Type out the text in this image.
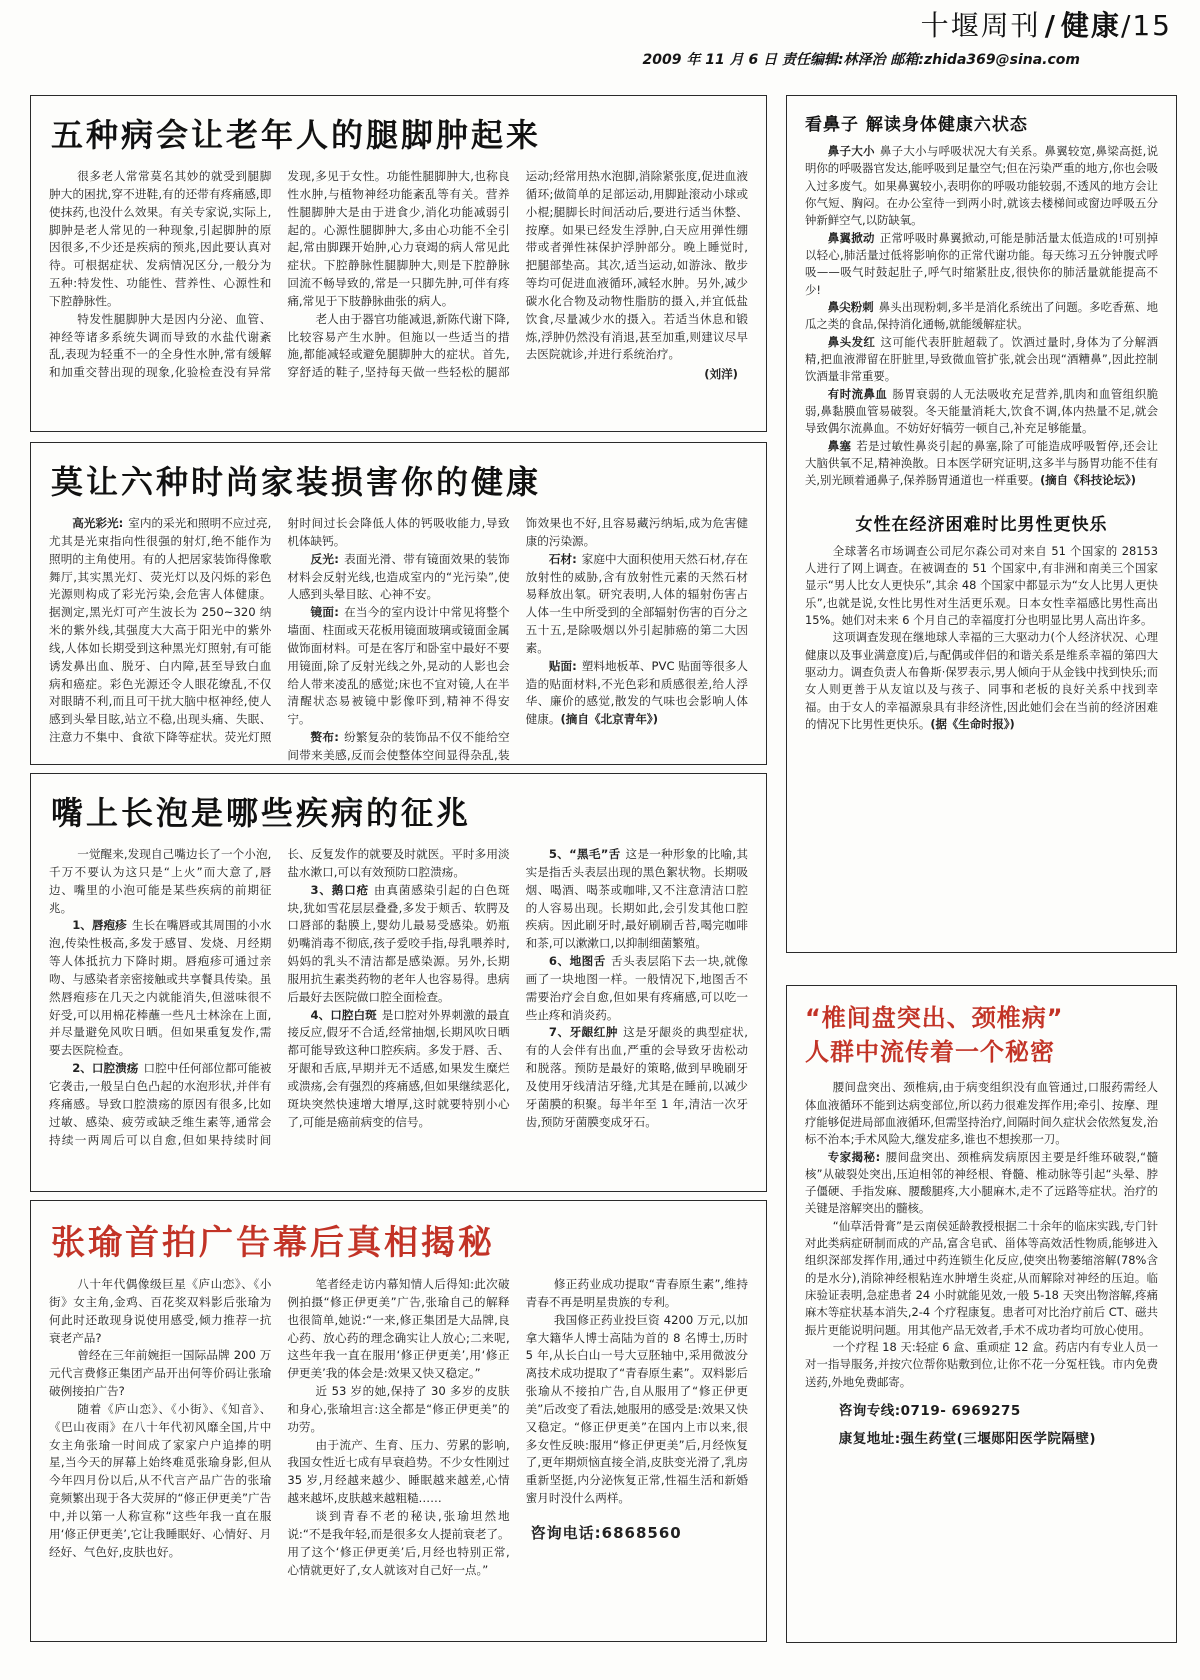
十堰周刊 / 健康/15
2009 年 11 月 6 日 责任编辑:林泽治 邮箱:zhida369@sina.com
五种病会让老年人的腿脚肿起来

很多老人常常莫名其妙的就受到腿脚肿大的困扰,穿不进鞋,有的还带有疼痛感,即使抹药,也没什么效果。有关专家说,实际上,脚肿是老人常见的一种现象,引起脚肿的原因很多,不少还是疾病的预兆,因此要认真对待。可根据症状、发病情况区分,一般分为五种:特发性、功能性、营养性、心源性和下腔静脉性。

特发性腿脚肿大是因内分泌、血管、神经等诸多系统失调而导致的水盐代谢紊乱,表现为轻重不一的全身性水肿,常有缓解和加重交替出现的现象,化验检查没有异常发现,多见于女性。功能性腿脚肿大,也称良性水肿,与植物神经功能紊乱等有关。营养性腿脚肿大是由于进食少,消化功能减弱引起的。心源性腿脚肿大,多由心功能不全引起,常由脚踝开始肿,心力衰竭的病人常见此症状。下腔静脉性腿脚肿大,则是下腔静脉回流不畅导致的,常是一只脚先肿,可伴有疼痛,常见于下肢静脉曲张的病人。

老人由于器官功能减退,新陈代谢下降,比较容易产生水肿。但施以一些适当的措施,都能减轻或避免腿脚肿大的症状。首先,穿舒适的鞋子,坚持每天做一些轻松的腿部运动;经常用热水泡脚,消除紧张度,促进血液循环;做简单的足部运动,用脚趾滚动小球或小棍;腿脚长时间活动后,要进行适当休整、按摩。如果已经发生浮肿,白天应用弹性绷带或者弹性袜保护浮肿部分。晚上睡觉时,把腿部垫高。其次,适当运动,如游泳、散步等均可促进血液循环,减轻水肿。另外,减少碳水化合物及动物性脂肪的摄入,并宜低盐饮食,尽量减少水的摄入。若适当休息和锻炼,浮肿仍然没有消退,甚至加重,则建议尽早去医院就诊,并进行系统治疗。

(刘洋)

莫让六种时尚家装损害你的健康

高光彩光: 室内的采光和照明不应过亮,尤其是光束指向性很强的射灯,绝不能作为照明的主角使用。有的人把居家装饰得像歌舞厅,其实黑光灯、荧光灯以及闪烁的彩色光源则构成了彩光污染,会危害人体健康。据测定,黑光灯可产生波长为 250~320 纳米的紫外线,其强度大大高于阳光中的紫外线,人体如长期受到这种黑光灯照射,有可能诱发鼻出血、脱牙、白内障,甚至导致白血病和癌症。彩色光源还令人眼花缭乱,不仅对眼睛不利,而且可干扰大脑中枢神经,使人感到头晕目眩,站立不稳,出现头痛、失眠、注意力不集中、食欲下降等症状。荧光灯照射时间过长会降低人体的钙吸收能力,导致机体缺钙。

反光: 表面光滑、带有镜面效果的装饰材料会反射光线,也造成室内的“光污染”,使人感到头晕目眩、心神不安。

镜面: 在当今的室内设计中常见将整个墙面、柱面或天花板用镜面玻璃或镜面金属做饰面材料。可是在客厅和卧室中最好不要用镜面,除了反射光线之外,晃动的人影也会给人带来凌乱的感觉;床也不宜对镜,人在半清醒状态易被镜中影像吓到,精神不得安宁。

赘布: 纷繁复杂的装饰品不仅不能给空间带来美感,反而会使整体空间显得杂乱,装饰效果也不好,且容易藏污纳垢,成为危害健康的污染源。

石材: 家庭中大面积使用天然石材,存在放射性的威胁,含有放射性元素的天然石材易释放出氡。研究表明,人体的辐射伤害占人体一生中所受到的全部辐射伤害的百分之五十五,是除吸烟以外引起肺癌的第二大因素。

贴面: 塑料地板革、PVC 贴面等很多人造的贴面材料,不光色彩和质感很差,给人浮华、廉价的感觉,散发的气味也会影响人体健康。(摘自《北京青年》)

嘴上长泡是哪些疾病的征兆

一觉醒来,发现自己嘴边长了一个小泡,千万不要认为这只是“上火”而大意了,唇边、嘴里的小泡可能是某些疾病的前期征兆。

1、唇疱疹 生长在嘴唇或其周围的小水泡,传染性极高,多发于感冒、发烧、月经期等人体抵抗力下降时期。唇疱疹可通过亲吻、与感染者亲密接触或共享餐具传染。虽然唇疱疹在几天之内就能消失,但滋味很不好受,可以用棉花棒蘸一些凡士林涂在上面,并尽量避免风吹日晒。但如果重复发作,需要去医院检查。

2、口腔溃疡 口腔中任何部位都可能被它袭击,一般呈白色凸起的水泡形状,并伴有疼痛感。导致口腔溃疡的原因有很多,比如过敏、感染、疲劳或缺乏维生素等,通常会持续一两周后可以自愈,但如果持续时间长、反复发作的就要及时就医。平时多用淡盐水漱口,可以有效预防口腔溃疡。

3、鹅口疮 由真菌感染引起的白色斑块,犹如雪花层层叠叠,多发于颊舌、软腭及口唇部的黏膜上,婴幼儿最易受感染。奶瓶奶嘴消毒不彻底,孩子爱咬手指,母乳喂养时,妈妈的乳头不清洁都是感染源。另外,长期服用抗生素类药物的老年人也容易得。患病后最好去医院做口腔全面检查。

4、口腔白斑 是口腔对外界刺激的最直接反应,假牙不合适,经常抽烟,长期风吹日晒都可能导致这种口腔疾病。多发于唇、舌、牙龈和舌底,早期并无不适感,如果发生糜烂或溃疡,会有强烈的疼痛感,但如果继续恶化,斑块突然快速增大增厚,这时就要特别小心了,可能是癌前病变的信号。

5、“黑毛”舌 这是一种形象的比喻,其实是指舌头表层出现的黑色絮状物。长期吸烟、喝酒、喝茶或咖啡,又不注意清洁口腔的人容易出现。长期如此,会引发其他口腔疾病。因此刷牙时,最好刷刷舌苔,喝完咖啡和茶,可以漱漱口,以抑制细菌繁殖。

6、地图舌 舌头表层陷下去一块,就像画了一块地图一样。一般情况下,地图舌不需要治疗会自愈,但如果有疼痛感,可以吃一些止疼和消炎药。

7、牙龈红肿 这是牙龈炎的典型症状,有的人会伴有出血,严重的会导致牙齿松动和脱落。预防是最好的策略,做到早晚刷牙及使用牙线清洁牙缝,尤其是在睡前,以减少牙菌膜的积聚。每半年至 1 年,清洁一次牙齿,预防牙菌膜变成牙石。

张瑜首拍广告幕后真相揭秘

八十年代偶像级巨星《庐山恋》、《小街》女主角,金鸡、百花奖双料影后张瑜为何此时还敢现身说使用感受,倾力推荐一抗衰老产品?

曾经在三年前婉拒一国际品牌 200 万元代言费修正集团产品开出何等价码让张瑜破例接拍广告?

随着《庐山恋》、《小街》、《知音》、《巴山夜雨》在八十年代初风靡全国,片中女主角张瑜一时间成了家家户户追捧的明星,当今天的屏幕上始终难觅张瑜身影,但从今年四月份以后,从不代言产品广告的张瑜竟频繁出现于各大荧屏的“修正伊更美”广告中,并以第一人称宣称“这些年我一直在服用‘修正伊更美’,它让我睡眠好、心情好、月经好、气色好,皮肤也好。

笔者经走访内幕知情人后得知:此次破例拍摄“修正伊更美”广告,张瑜自己的解释也很简单,她说:“一来,修正集团是大品牌,良心药、放心药的理念确实让人放心;二来呢,这些年我一直在服用‘修正伊更美’,用‘修正伊更美’我的体会是:效果又快又稳定。”

近 53 岁的她,保持了 30 多岁的皮肤和身心,张瑜坦言:这全都是“修正伊更美”的功劳。

由于流产、生育、压力、劳累的影响,我国女性近七成有早衰趋势。不少女性刚过 35 岁,月经越来越少、睡眠越来越差,心情越来越坏,皮肤越来越粗糙……

谈到青春不老的秘诀,张瑜坦然地说:“不是我年轻,而是很多女人提前衰老了。用了这个‘修正伊更美’后,月经也特别正常,心情就更好了,女人就该对自己好一点。”

修正药业成功提取“青春原生素”,维持青春不再是明星贵族的专利。

我国修正药业投巨资 4200 万元,以加拿大籍华人博士高陆为首的 8 名博士,历时 5 年,从长白山一号大豆胚轴中,采用微波分离技术成功提取了“青春原生素”。双料影后张瑜从不接拍广告,自从服用了“修正伊更美”后改变了看法,她服用的感受是:效果又快又稳定。“修正伊更美”在国内上市以来,很多女性反映:服用“修正伊更美”后,月经恢复了,更年期烦恼直接全消,皮肤变光滑了,乳房重新坚挺,内分泌恢复正常,性福生活和新婚蜜月时没什么两样。

咨询电话:6868560

看鼻子 解读身体健康六状态

鼻子大小 鼻子大小与呼吸状况大有关系。鼻翼较宽,鼻梁高挺,说明你的呼吸器官发达,能呼吸到足量空气;但在污染严重的地方,你也会吸入过多废气。如果鼻翼较小,表明你的呼吸功能较弱,不透风的地方会让你气短、胸闷。在办公室待一到两小时,就该去楼梯间或窗边呼吸五分钟新鲜空气,以防缺氧。

鼻翼掀动 正常呼吸时鼻翼掀动,可能是肺活量太低造成的!可别掉以轻心,肺活量过低将影响你的正常代谢功能。每天练习五分钟腹式呼吸——吸气时鼓起肚子,呼气时缩紧肚皮,很快你的肺活量就能提高不少!

鼻尖粉刺 鼻头出现粉刺,多半是消化系统出了问题。多吃香蕉、地瓜之类的食品,保持消化通畅,就能缓解症状。

鼻头发红 这可能代表肝脏超载了。饮酒过量时,身体为了分解酒精,把血液滞留在肝脏里,导致微血管扩张,就会出现“酒糟鼻”,因此控制饮酒量非常重要。

有时流鼻血 肠胃衰弱的人无法吸收充足营养,肌肉和血管组织脆弱,鼻黏膜血管易破裂。冬天能量消耗大,饮食不调,体内热量不足,就会导致偶尔流鼻血。不妨好好犒劳一顿自己,补充足够能量。

鼻塞 若是过敏性鼻炎引起的鼻塞,除了可能造成呼吸暂停,还会让大脑供氧不足,精神涣散。日本医学研究证明,这多半与肠胃功能不佳有关,别光顾着通鼻子,保养肠胃通道也一样重要。(摘自《科技论坛》)

女性在经济困难时比男性更快乐

全球著名市场调查公司尼尔森公司对来自 51 个国家的 28153 人进行了网上调查。在被调查的 51 个国家中,有非洲和南美三个国家显示“男人比女人更快乐”,其余 48 个国家中都显示为“女人比男人更快乐”,也就是说,女性比男性对生活更乐观。日本女性幸福感比男性高出 15%。她们对未来 6 个月自己的幸福度打分也明显比男人高出许多。

这项调查发现在继地球人幸福的三大驱动力(个人经济状况、心理健康以及事业满意度)后,与配偶或伴侣的和谐关系是维系幸福的第四大驱动力。调查负责人布鲁斯·保罗表示,男人倾向于从金钱中找到快乐;而女人则更善于从友谊以及与孩子、同事和老板的良好关系中找到幸福。由于女人的幸福源泉具有非经济性,因此她们会在当前的经济困难的情况下比男性更快乐。(据《生命时报》)

“椎间盘突出、颈椎病”
人群中流传着一个秘密

腰间盘突出、颈椎病,由于病变组织没有血管通过,口服药需经人体血液循环不能到达病变部位,所以药力很难发挥作用;牵引、按摩、理疗能够促进局部血液循环,但需坚持治疗,间隔时间久症状会依然复发,治标不治本;手术风险大,继发症多,谁也不想挨那一刀。

专家揭秘: 腰间盘突出、颈椎病发病原因主要是纤维环破裂,“髓核”从破裂处突出,压迫相邻的神经根、脊髓、椎动脉等引起“头晕、脖子僵硬、手指发麻、腰酸腿疼,大小腿麻木,走不了远路等症状。治疗的关键是溶解突出的髓核。

“仙草活骨膏”是云南侯延龄教授根据二十余年的临床实践,专门针对此类病症研制而成的产品,富含皂甙、甾体等高效活性物质,能够进入组织深部发挥作用,通过中药连锁生化反应,使突出物萎缩溶解(78%含的是水分),消除神经根粘连水肿增生炎症,从而解除对神经的压迫。临床验证表明,急症患者 24 小时就能见效,一般 5-18 天突出物溶解,疼痛麻木等症状基本消失,2-4 个疗程康复。患者可对比治疗前后 CT、磁共振片更能说明问题。用其他产品无效者,手术不成功者均可放心使用。

一个疗程 18 天:轻症 6 盒、重顽症 12 盒。药店内有专业人员一对一指导服务,并按穴位帮你贴敷到位,让你不花一分冤枉钱。市内免费送药,外地免费邮寄。

咨询专线:0719- 6969275

康复地址:强生药堂(三堰郧阳医学院隔壁)
